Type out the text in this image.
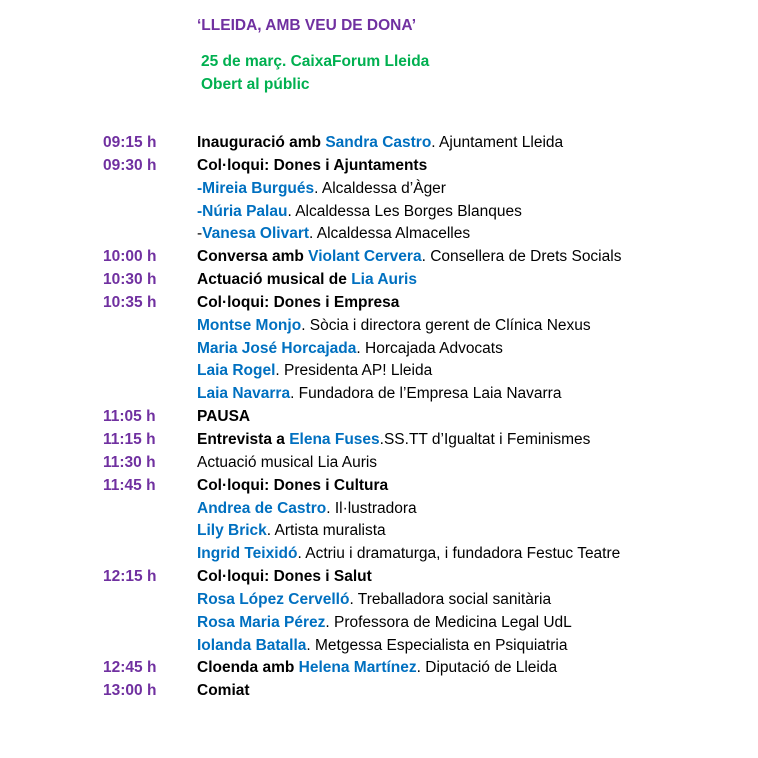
‘LLEIDA, AMB VEU DE DONA’
25 de març. CaixaForum Lleida
Obert al públic
09:15 h	Inauguració amb Sandra Castro. Ajuntament Lleida
09:30 h	Col·loqui: Dones i Ajuntaments
-Mireia Burgués. Alcaldessa d’Àger
-Núria Palau. Alcaldessa Les Borges Blanques
-Vanesa Olivart. Alcaldessa Almacelles
10:00 h	Conversa amb Violant Cervera. Consellera de Drets Socials
10:30 h	Actuació musical de Lia Auris
10:35 h	Col·loqui: Dones i Empresa
Montse Monjo. Sòcia i directora gerent de Clínica Nexus
Maria José Horcajada. Horcajada Advocats
Laia Rogel. Presidenta AP! Lleida
Laia Navarra. Fundadora de l’Empresa Laia Navarra
11:05 h	PAUSA
11:15 h	Entrevista a Elena Fuses.SS.TT d’Igualtat i Feminismes
11:30 h	Actuació musical Lia Auris
11:45 h	Col·loqui: Dones i Cultura
Andrea de Castro. Il·lustradora
Lily Brick. Artista muralista
Ingrid Teixidó. Actriu i dramaturga, i fundadora Festuc Teatre
12:15 h	Col·loqui: Dones i Salut
Rosa López Cervelló. Treballadora social sanitària
Rosa Maria Pérez. Professora de Medicina Legal UdL
Iolanda Batalla. Metgessa Especialista en Psiquiatria
12:45 h	Cloenda amb Helena Martínez. Diputació de Lleida
13:00 h	Comiat
